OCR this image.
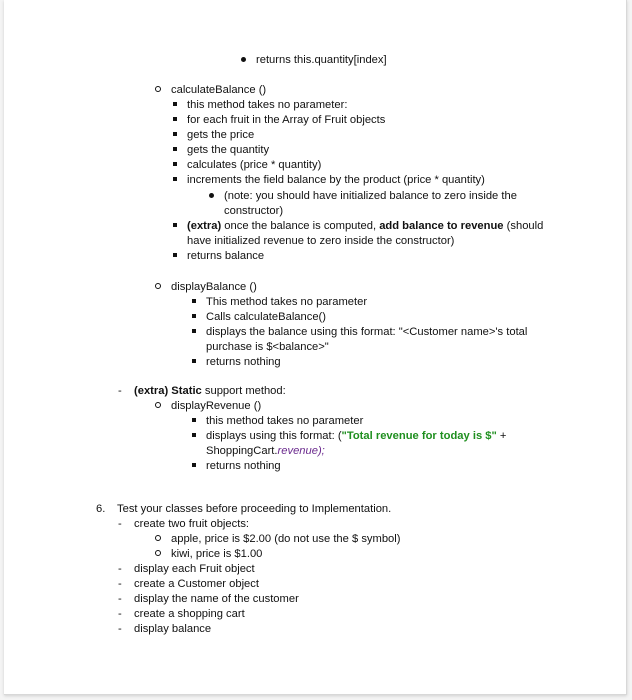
returns this.quantity[index]
calculateBalance ()
this method takes no parameter:
for each fruit in the Array of Fruit objects
gets the price
gets the quantity
calculates (price * quantity)
increments the field balance by the product (price * quantity)
(note: you should have initialized balance to zero inside the
constructor)
(extra) once the balance is computed, add balance to revenue (should
have initialized revenue to zero inside the constructor)
returns balance
displayBalance ()
This method takes no parameter
Calls calculateBalance()
displays the balance using this format: "<Customer name>'s total
purchase is $<balance>"
returns nothing
- (extra) Static support method:
displayRevenue ()
this method takes no parameter
displays using this format: ("Total revenue for today is $" +
ShoppingCart.revenue);
returns nothing
6. Test your classes before proceeding to Implementation.
- create two fruit objects:
apple, price is $2.00 (do not use the $ symbol)
kiwi, price is $1.00
- display each Fruit object
- create a Customer object
- display the name of the customer
- create a shopping cart
- display balance
